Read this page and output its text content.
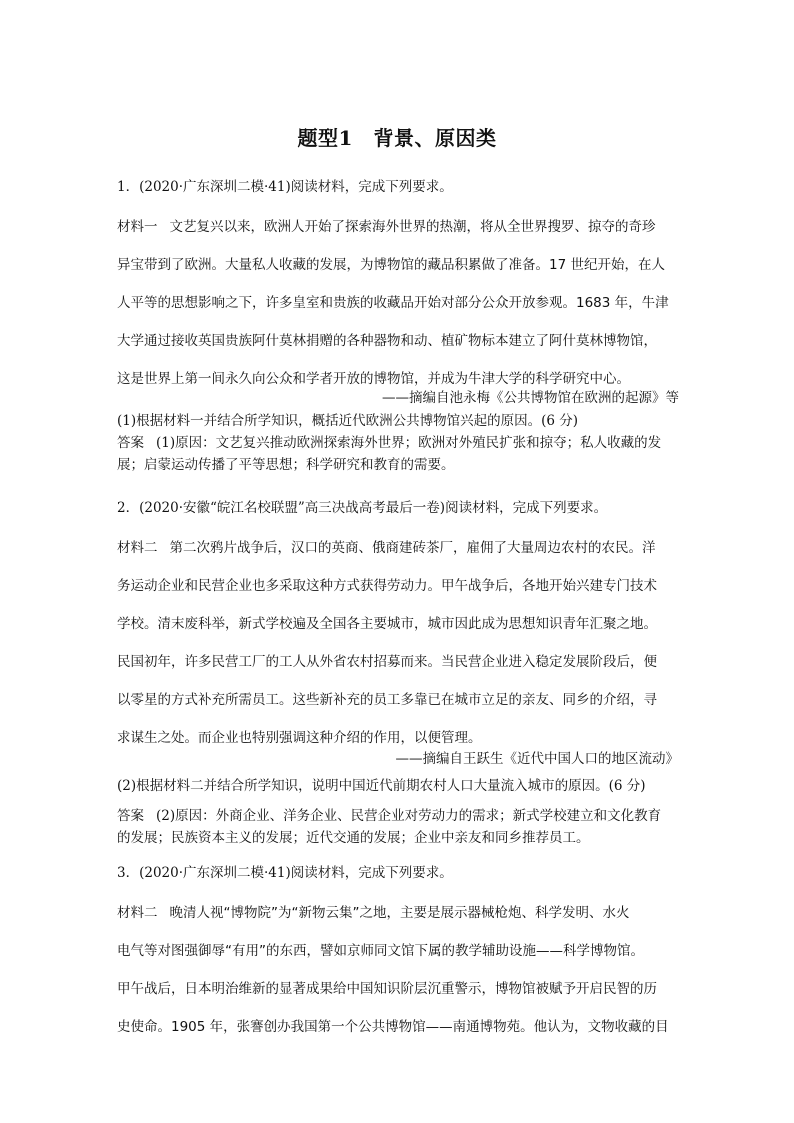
题型1　背景、原因类
1．(2020·广东深圳二模·41)阅读材料，完成下列要求。
材料一 文艺复兴以来，欧洲人开始了探索海外世界的热潮，将从全世界搜罗、掠夺的奇珍
异宝带到了欧洲。大量私人收藏的发展，为博物馆的藏品积累做了准备。17 世纪开始，在人
人平等的思想影响之下，许多皇室和贵族的收藏品开始对部分公众开放参观。1683 年，牛津
大学通过接收英国贵族阿什莫林捐赠的各种器物和动、植矿物标本建立了阿什莫林博物馆，
这是世界上第一间永久向公众和学者开放的博物馆，并成为牛津大学的科学研究中心。
——摘编自池永梅《公共博物馆在欧洲的起源》等
(1)根据材料一并结合所学知识，概括近代欧洲公共博物馆兴起的原因。(6 分)
答案 (1)原因：文艺复兴推动欧洲探索海外世界；欧洲对外殖民扩张和掠夺；私人收藏的发
展；启蒙运动传播了平等思想；科学研究和教育的需要。
2．(2020·安徽“皖江名校联盟”高三决战高考最后一卷)阅读材料，完成下列要求。
材料二 第二次鸦片战争后，汉口的英商、俄商建砖茶厂，雇佣了大量周边农村的农民。洋
务运动企业和民营企业也多采取这种方式获得劳动力。甲午战争后，各地开始兴建专门技术
学校。清末废科举，新式学校遍及全国各主要城市，城市因此成为思想知识青年汇聚之地。
民国初年，许多民营工厂的工人从外省农村招募而来。当民营企业进入稳定发展阶段后，便
以零星的方式补充所需员工。这些新补充的员工多靠已在城市立足的亲友、同乡的介绍，寻
求谋生之处。而企业也特别强调这种介绍的作用，以便管理。
——摘编自王跃生《近代中国人口的地区流动》
(2)根据材料二并结合所学知识，说明中国近代前期农村人口大量流入城市的原因。(6 分)
答案 (2)原因：外商企业、洋务企业、民营企业对劳动力的需求；新式学校建立和文化教育
的发展；民族资本主义的发展；近代交通的发展；企业中亲友和同乡推荐员工。
3．(2020·广东深圳二模·41)阅读材料，完成下列要求。
材料二 晚清人视“博物院”为“新物云集”之地，主要是展示器械枪炮、科学发明、水火
电气等对图强御辱“有用”的东西，譬如京师同文馆下属的教学辅助设施——科学博物馆。
甲午战后，日本明治维新的显著成果给中国知识阶层沉重警示，博物馆被赋予开启民智的历
史使命。1905 年，张謇创办我国第一个公共博物馆——南通博物苑。他认为，文物收藏的目
